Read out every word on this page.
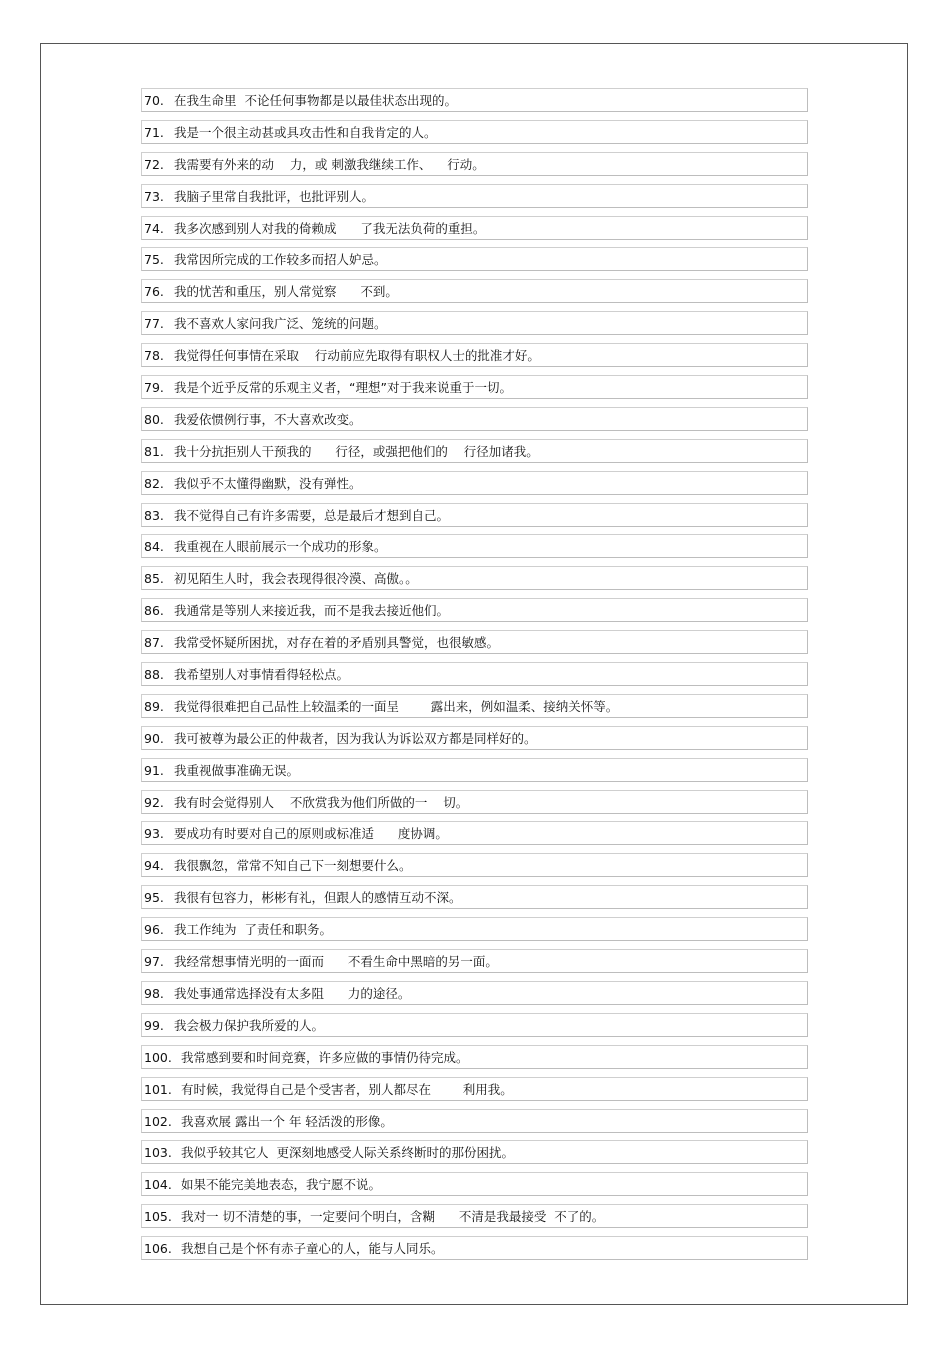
70. 在我生命里  不论任何事物都是以最佳状态出现的。
71. 我是一个很主动甚或具攻击性和自我肯定的人。
72. 我需要有外来的动    力，或 刺激我继续工作、    行动。
73. 我脑子里常自我批评，也批评别人。
74. 我多次感到别人对我的倚赖成      了我无法负荷的重担。
75. 我常因所完成的工作较多而招人妒忌。
76. 我的忧苦和重压，别人常觉察      不到。
77. 我不喜欢人家问我广泛、笼统的问题。
78. 我觉得任何事情在采取    行动前应先取得有职权人士的批准才好。
79. 我是个近乎反常的乐观主义者，“理想”对于我来说重于一切。
80. 我爱依惯例行事，不大喜欢改变。
81. 我十分抗拒别人干预我的      行径，或强把他们的    行径加诸我。
82. 我似乎不太懂得幽默，没有弹性。
83. 我不觉得自己有许多需要，总是最后才想到自己。
84. 我重视在人眼前展示一个成功的形象。
85. 初见陌生人时，我会表现得很冷漠、高傲。。
86. 我通常是等别人来接近我，而不是我去接近他们。
87. 我常受怀疑所困扰，对存在着的矛盾别具警觉，也很敏感。
88. 我希望别人对事情看得轻松点。
89. 我觉得很难把自己品性上较温柔的一面呈        露出来，例如温柔、接纳关怀等。
90. 我可被尊为最公正的仲裁者，因为我认为诉讼双方都是同样好的。
91. 我重视做事准确无误。
92. 我有时会觉得别人    不欣赏我为他们所做的一    切。
93. 要成功有时要对自己的原则或标准适      度协调。
94. 我很飘忽，常常不知自己下一刻想要什么。
95. 我很有包容力，彬彬有礼，但跟人的感情互动不深。
96. 我工作纯为  了责任和职务。
97. 我经常想事情光明的一面而      不看生命中黑暗的另一面。
98. 我处事通常选择没有太多阻      力的途径。
99. 我会极力保护我所爱的人。
100. 我常感到要和时间竞赛，许多应做的事情仍待完成。
101. 有时候，我觉得自己是个受害者，别人都尽在        利用我。
102. 我喜欢展 露出一个 年 轻活泼的形像。
103. 我似乎较其它人  更深刻地感受人际关系终断时的那份困扰。
104. 如果不能完美地表态，我宁愿不说。
105. 我对一 切不清楚的事，一定要问个明白，含糊      不清是我最接受  不了的。
106. 我想自己是个怀有赤子童心的人，能与人同乐。
